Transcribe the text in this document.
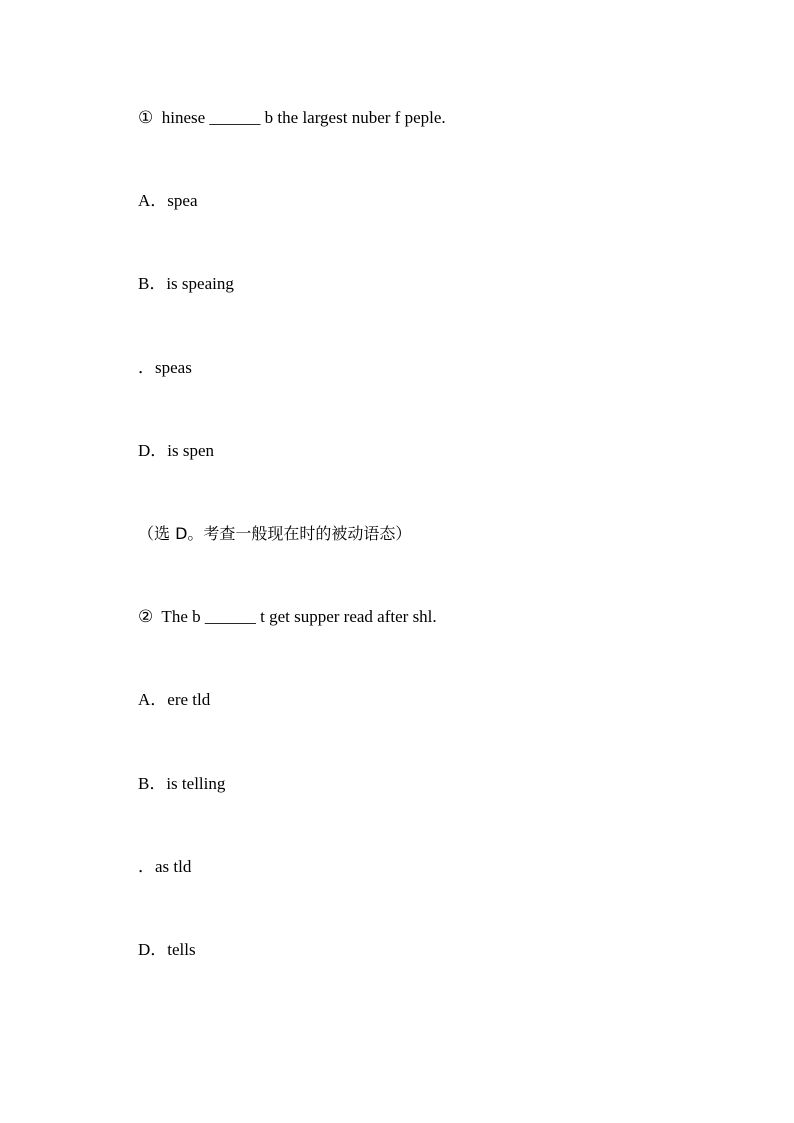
①  hinese ______ b the largest nuber f peple.
A．spea
B．is speaing
．speas
D．is spen
（选 D。考查一般现在时的被动语态）
②  The b ______ t get supper read after shl.
A．ere tld
B．is telling
．as tld
D．tells
